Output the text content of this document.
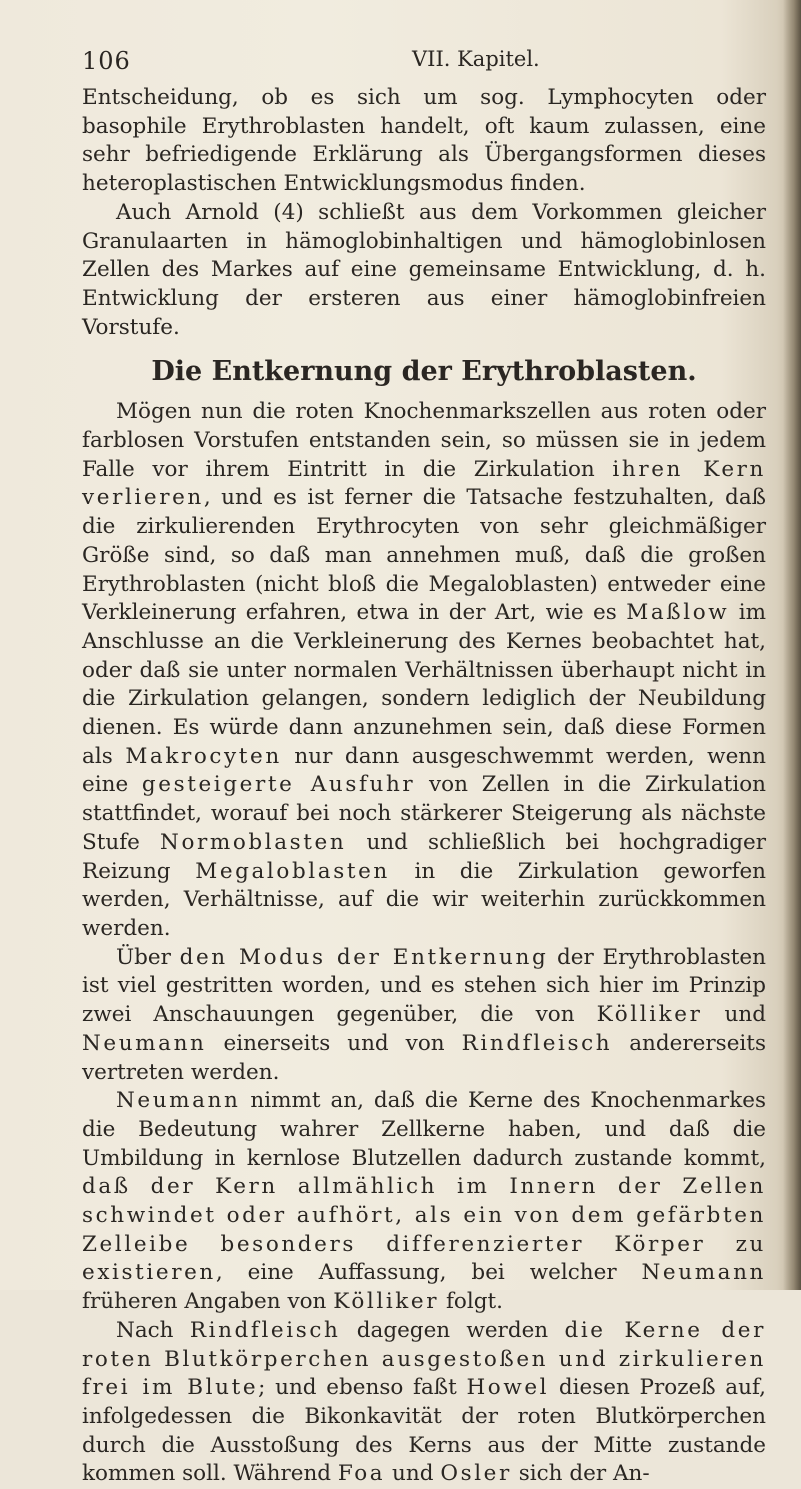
106	VII. Kapitel.

Entscheidung, ob es sich um sog. Lymphocyten oder basophile Erythroblasten handelt, oft kaum zulassen, eine sehr befriedigende Erklärung als Übergangsformen dieses heteroplastischen Entwicklungsmodus finden.

Auch Arnold (4) schließt aus dem Vorkommen gleicher Granulaarten in hämoglobinhaltigen und hämoglobinlosen Zellen des Markes auf eine gemeinsame Entwicklung, d. h. Entwicklung der ersteren aus einer hämoglobinfreien Vorstufe.

Die Entkernung der Erythroblasten.

Mögen nun die roten Knochenmarkszellen aus roten oder farblosen Vorstufen entstanden sein, so müssen sie in jedem Falle vor ihrem Eintritt in die Zirkulation ihren Kern verlieren, und es ist ferner die Tatsache festzuhalten, daß die zirkulierenden Erythrocyten von sehr gleichmäßiger Größe sind, so daß man annehmen muß, daß die großen Erythroblasten (nicht bloß die Megaloblasten) entweder eine Verkleinerung erfahren, etwa in der Art, wie es Maßlow im Anschlusse an die Verkleinerung des Kernes beobachtet hat, oder daß sie unter normalen Verhältnissen überhaupt nicht in die Zirkulation gelangen, sondern lediglich der Neubildung dienen. Es würde dann anzunehmen sein, daß diese Formen als Makrocyten nur dann ausgeschwemmt werden, wenn eine gesteigerte Ausfuhr von Zellen in die Zirkulation stattfindet, worauf bei noch stärkerer Steigerung als nächste Stufe Normoblasten und schließlich bei hochgradiger Reizung Megaloblasten in die Zirkulation geworfen werden, Verhältnisse, auf die wir weiterhin zurückkommen werden.

Über den Modus der Entkernung der Erythroblasten ist viel gestritten worden, und es stehen sich hier im Prinzip zwei Anschauungen gegenüber, die von Kölliker und Neumann einerseits und von Rindfleisch andererseits vertreten werden.

Neumann nimmt an, daß die Kerne des Knochenmarkes die Bedeutung wahrer Zellkerne haben, und daß die Umbildung in kernlose Blutzellen dadurch zustande kommt, daß der Kern allmählich im Innern der Zellen schwindet oder aufhört, als ein von dem gefärbten Zelleibe besonders differenzierter Körper zu existieren, eine Auffassung, bei welcher Neumann früheren Angaben von Kölliker folgt.

Nach Rindfleisch dagegen werden die Kerne der roten Blutkörperchen ausgestoßen und zirkulieren frei im Blute; und ebenso faßt Howel diesen Prozeß auf, infolgedessen die Bikonkavität der roten Blutkörperchen durch die Ausstoßung des Kerns aus der Mitte zustande kommen soll. Während Foa und Osler sich der An-
